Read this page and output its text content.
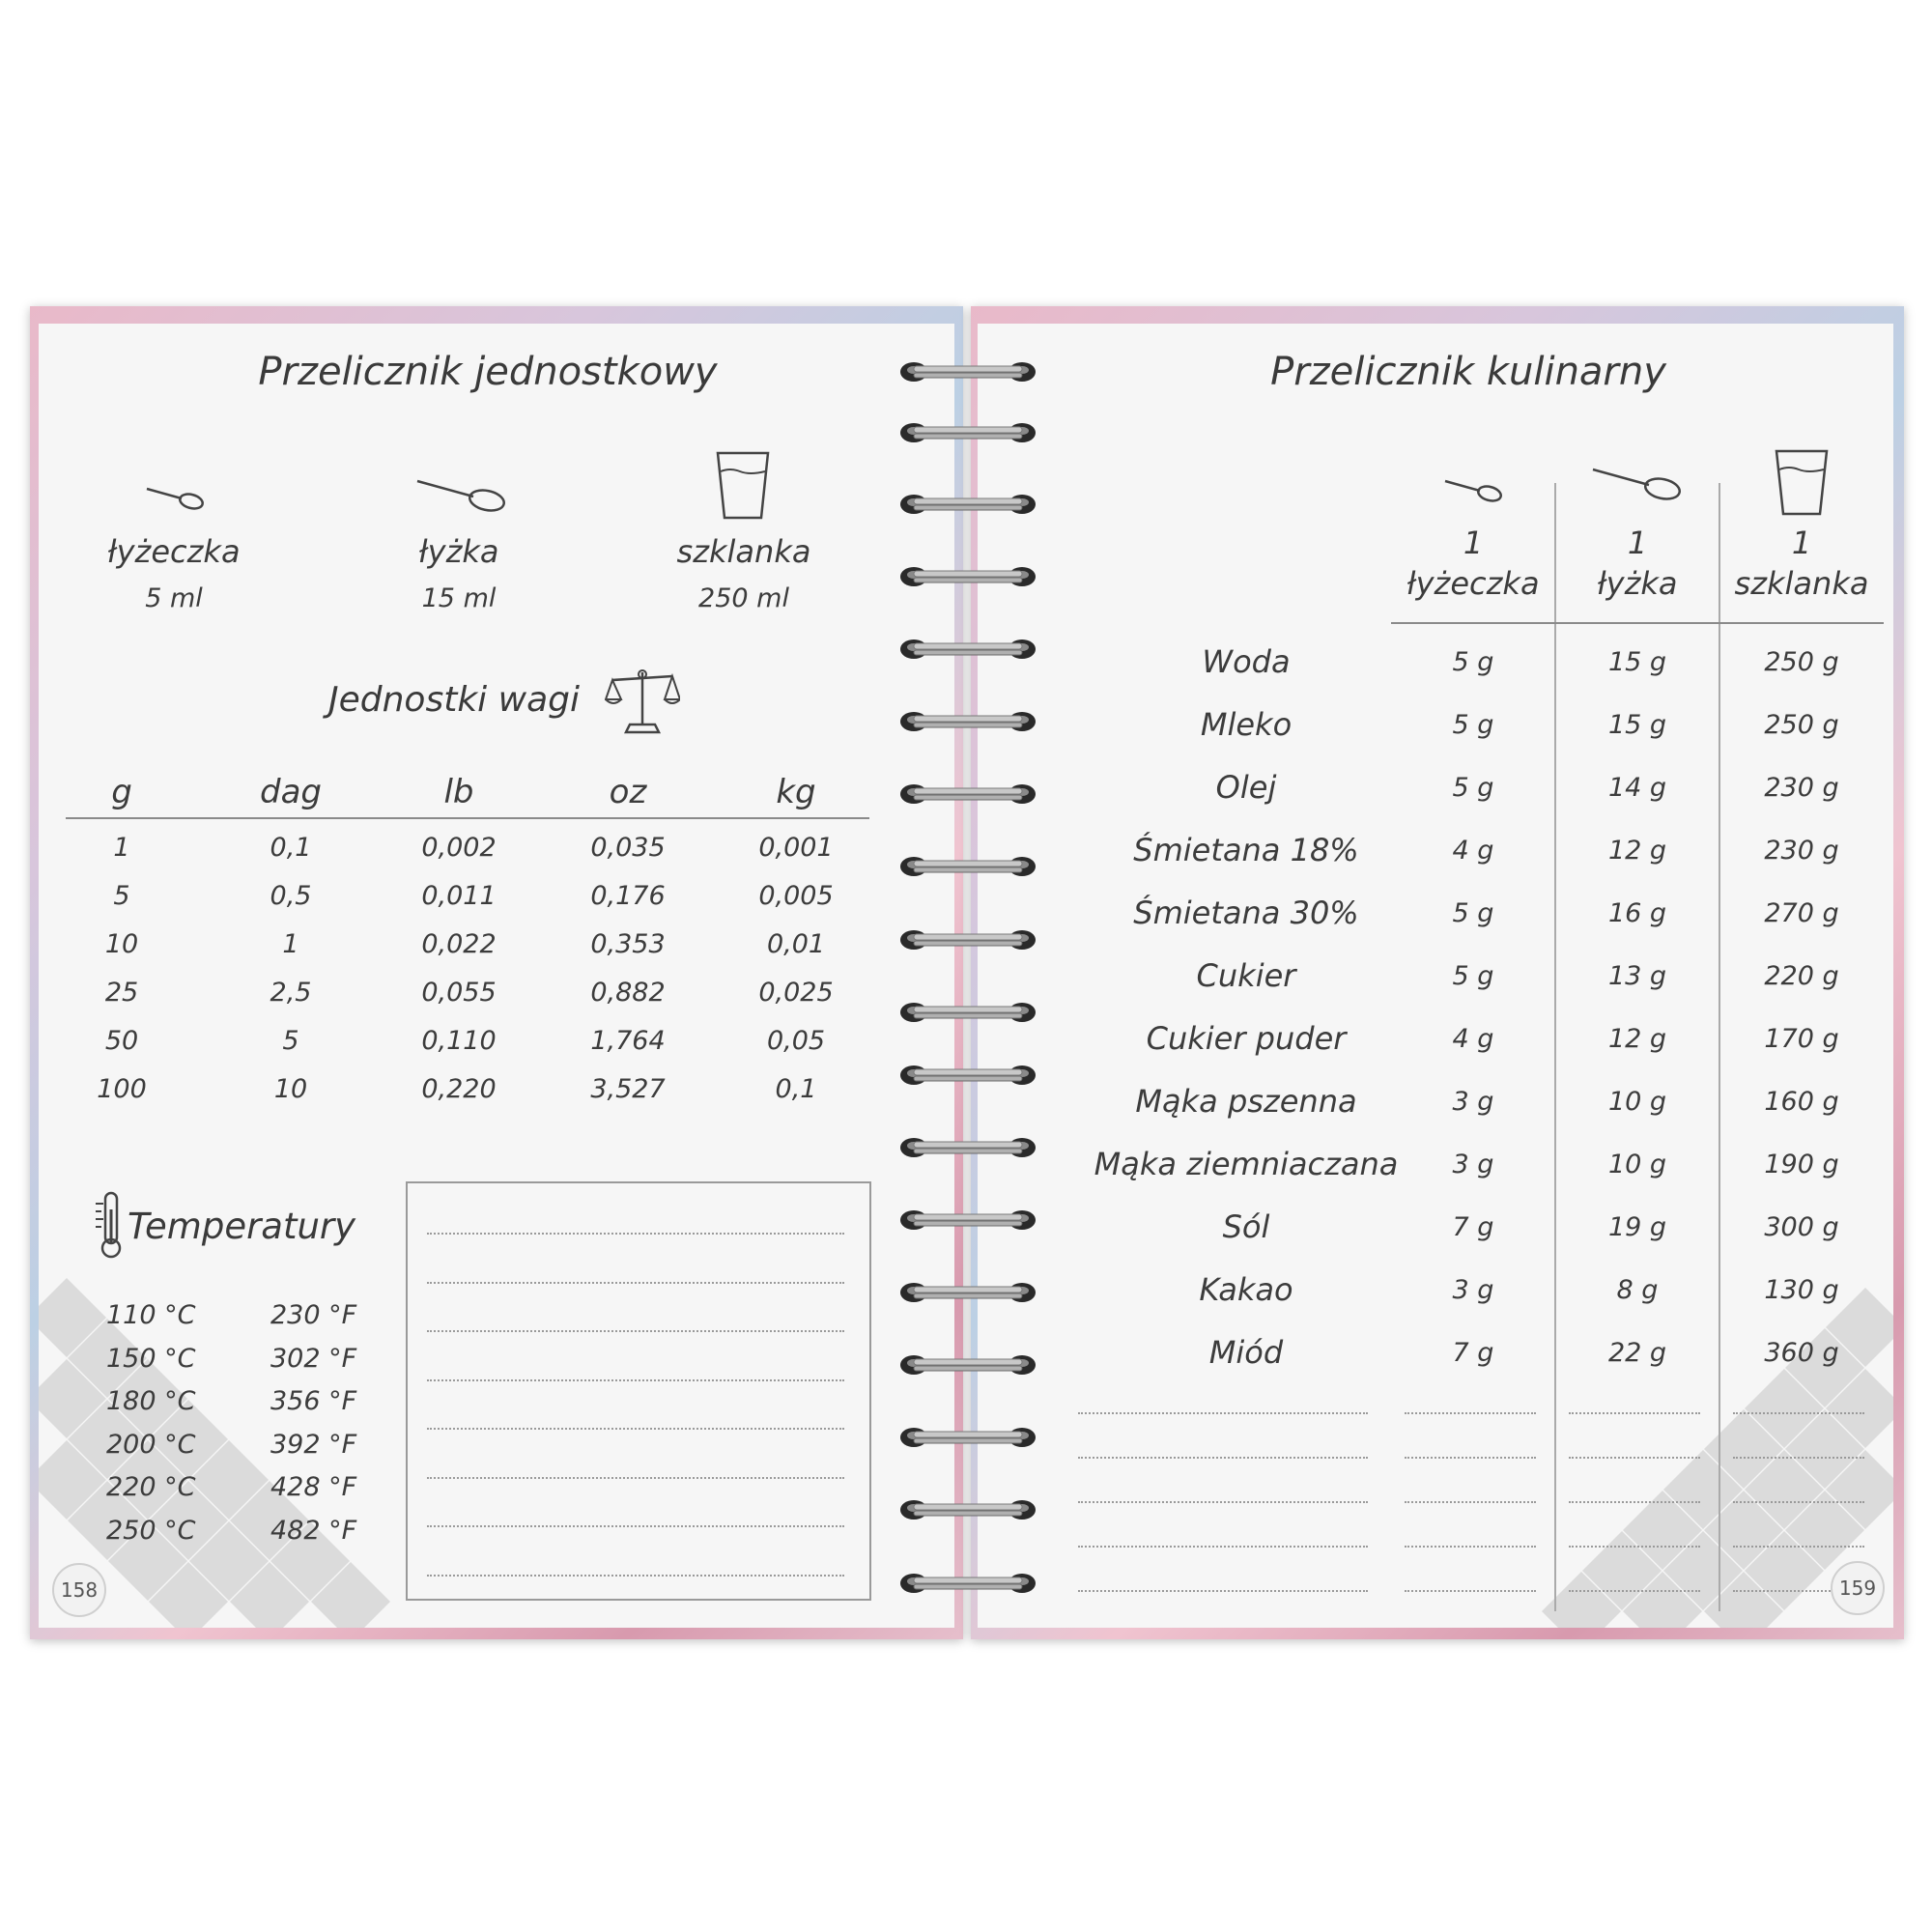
Przelicznik jednostkowy
łyżeczka
5 ml
łyżka
15 ml
szklanka
250 ml
Jednostki wagi
g	dag	lb	oz	kg
1	0,1	0,002	0,035	0,001
5	0,5	0,011	0,176	0,005
10	1	0,022	0,353	0,01
25	2,5	0,055	0,882	0,025
50	5	0,110	1,764	0,05
100	10	0,220	3,527	0,1
Temperatury
110 °C	230 °F
150 °C	302 °F
180 °C	356 °F
200 °C	392 °F
220 °C	428 °F
250 °C	482 °F
158
Przelicznik kulinarny
1
łyżeczka
1
łyżka
1
szklanka
Woda	5 g	15 g	250 g
Mleko	5 g	15 g	250 g
Olej	5 g	14 g	230 g
Śmietana 18%	4 g	12 g	230 g
Śmietana 30%	5 g	16 g	270 g
Cukier	5 g	13 g	220 g
Cukier puder	4 g	12 g	170 g
Mąka pszenna	3 g	10 g	160 g
Mąka ziemniaczana	3 g	10 g	190 g
Sól	7 g	19 g	300 g
Kakao	3 g	8 g	130 g
Miód	7 g	22 g	360 g
159
